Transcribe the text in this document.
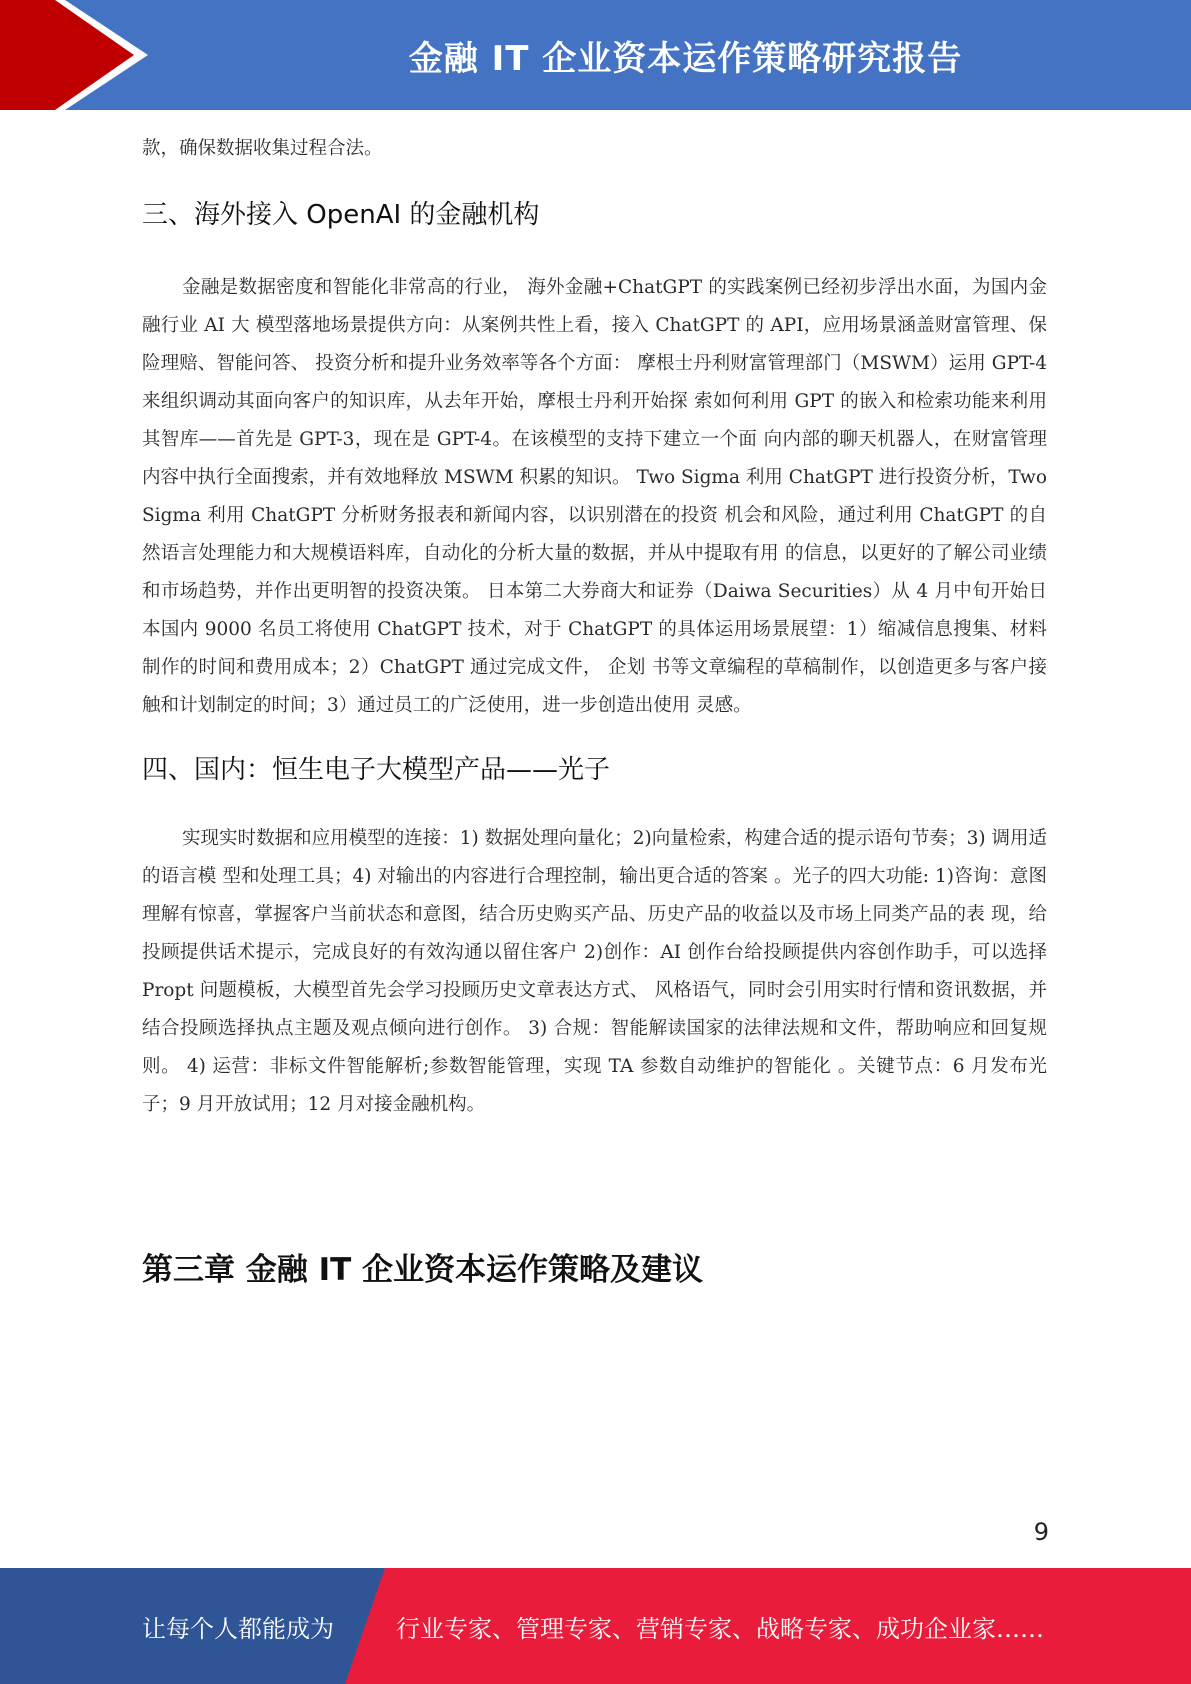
金融 IT 企业资本运作策略研究报告

款，确保数据收集过程合法。

三、海外接入 OpenAI 的金融机构

金融是数据密度和智能化非常高的行业， 海外金融+ChatGPT 的实践案例已经初步浮出水面，为国内金融行业 AI 大 模型落地场景提供方向：从案例共性上看，接入 ChatGPT 的 API，应用场景涵盖财富管理、保险理赔、智能问答、 投资分析和提升业务效率等各个方面： 摩根士丹利财富管理部门（MSWM）运用 GPT-4 来组织调动其面向客户的知识库，从去年开始，摩根士丹利开始探 索如何利用 GPT 的嵌入和检索功能来利用其智库——首先是 GPT-3，现在是 GPT-4。在该模型的支持下建立一个面 向内部的聊天机器人，在财富管理内容中执行全面搜索，并有效地释放 MSWM 积累的知识。 Two Sigma 利用 ChatGPT 进行投资分析，Two Sigma 利用 ChatGPT 分析财务报表和新闻内容，以识别潜在的投资 机会和风险，通过利用 ChatGPT 的自然语言处理能力和大规模语料库，自动化的分析大量的数据，并从中提取有用 的信息，以更好的了解公司业绩和市场趋势，并作出更明智的投资决策。 日本第二大券商大和证券（Daiwa Securities）从 4 月中旬开始日本国内 9000 名员工将使用 ChatGPT 技术，对于 ChatGPT 的具体运用场景展望：1）缩减信息搜集、材料制作的时间和费用成本；2）ChatGPT 通过完成文件， 企划 书等文章编程的草稿制作，以创造更多与客户接触和计划制定的时间；3）通过员工的广泛使用，进一步创造出使用 灵感。

四、国内：恒生电子大模型产品——光子

实现实时数据和应用模型的连接：1) 数据处理向量化；2)向量检索，构建合适的提示语句节奏；3) 调用适的语言模 型和处理工具；4) 对输出的内容进行合理控制，输出更合适的答案 。光子的四大功能: 1)咨询：意图理解有惊喜，掌握客户当前状态和意图，结合历史购买产品、历史产品的收益以及市场上同类产品的表 现，给投顾提供话术提示，完成良好的有效沟通以留住客户 2)创作：AI 创作台给投顾提供内容创作助手，可以选择 Propt 问题模板，大模型首先会学习投顾历史文章表达方式、 风格语气，同时会引用实时行情和资讯数据，并结合投顾选择执点主题及观点倾向进行创作。 3) 合规：智能解读国家的法律法规和文件，帮助响应和回复规则。 4) 运营：非标文件智能解析;参数智能管理，实现 TA 参数自动维护的智能化 。关键节点：6 月发布光子；9 月开放试用；12 月对接金融机构。

第三章 金融 IT 企业资本运作策略及建议
9
让每个人都能成为	行业专家、管理专家、营销专家、战略专家、成功企业家……
